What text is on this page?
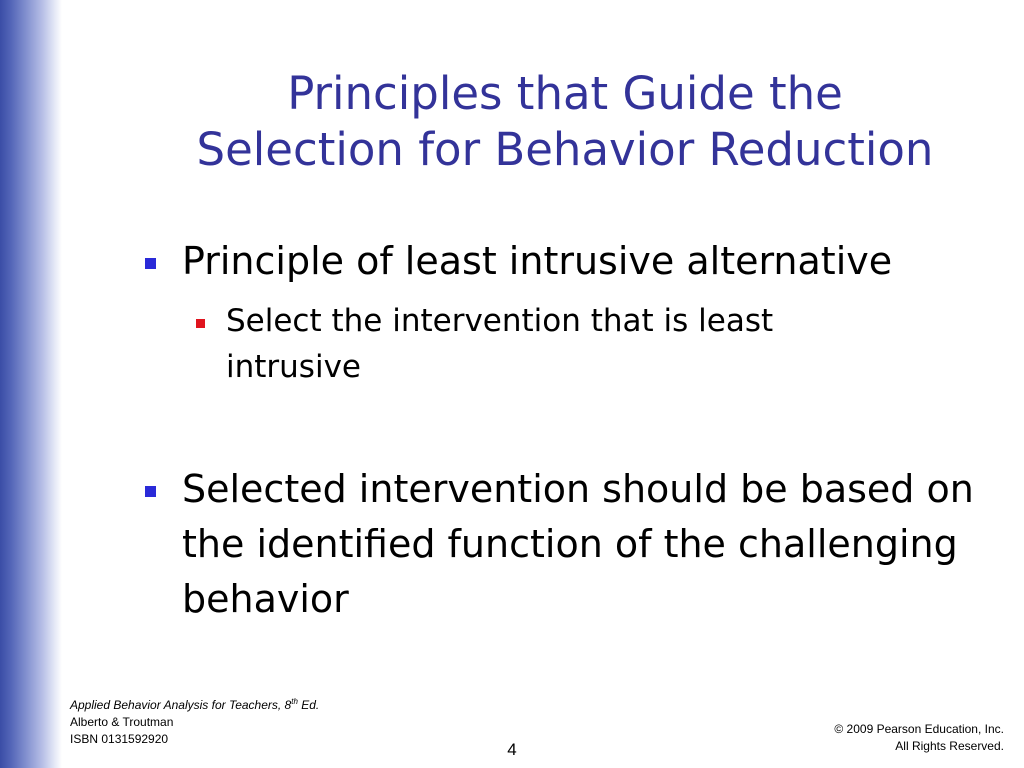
Principles that Guide the
Selection for Behavior Reduction
Principle of least intrusive alternative
Select the intervention that is least intrusive
Selected intervention should be based on the identified function of the challenging behavior
Applied Behavior Analysis for Teachers, 8th Ed.
Alberto & Troutman
ISBN 0131592920
© 2009 Pearson Education, Inc.
All Rights Reserved.
4
